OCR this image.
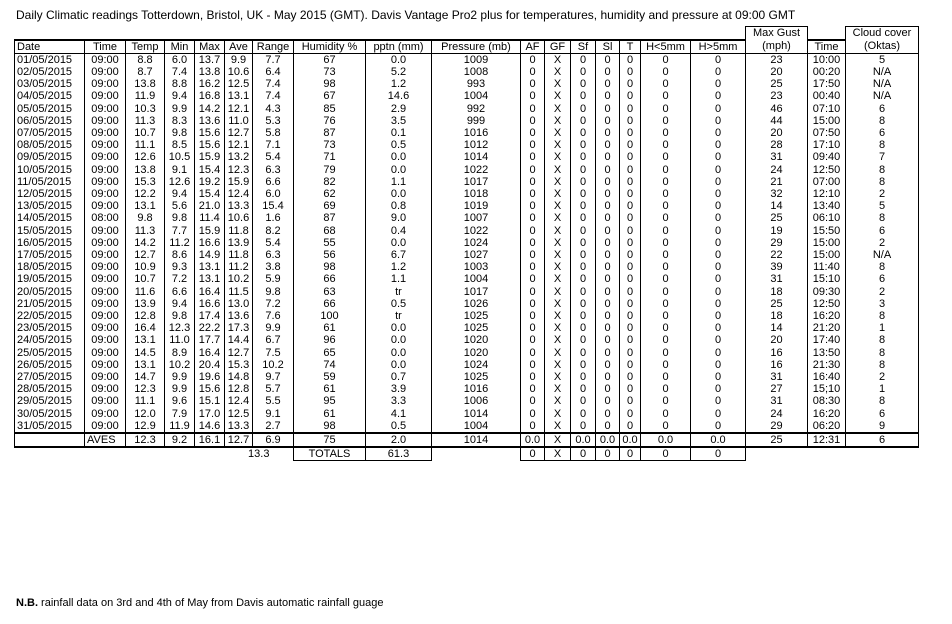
Daily Climatic readings Totterdown, Bristol, UK - May 2015 (GMT). Davis Vantage Pro2 plus for temperatures, humidity and pressure at 09:00 GMT
																	Max Gust		Cloud cover
Date	Time	Temp	Min	Max	Ave	Range	Humidity %	pptn (mm)	Pressure (mb)	AF	GF	Sf	Sl	T	H<5mm	H>5mm	(mph)	Time	(Oktas)
01/05/2015	09:00	8.8	6.0	13.7	9.9	7.7	67	0.0	1009	0	X	0	0	0	0	0	23	10:00	5
02/05/2015	09:00	8.7	7.4	13.8	10.6	6.4	73	5.2	1008	0	X	0	0	0	0	0	20	00:20	N/A
03/05/2015	09:00	13.8	8.8	16.2	12.5	7.4	98	1.2	993	0	X	0	0	0	0	0	25	17:50	N/A
04/05/2015	09:00	11.9	9.4	16.8	13.1	7.4	67	14.6	1004	0	X	0	0	0	0	0	23	00:40	N/A
05/05/2015	09:00	10.3	9.9	14.2	12.1	4.3	85	2.9	992	0	X	0	0	0	0	0	46	07:10	6
06/05/2015	09:00	11.3	8.3	13.6	11.0	5.3	76	3.5	999	0	X	0	0	0	0	0	44	15:00	8
07/05/2015	09:00	10.7	9.8	15.6	12.7	5.8	87	0.1	1016	0	X	0	0	0	0	0	20	07:50	6
08/05/2015	09:00	11.1	8.5	15.6	12.1	7.1	73	0.5	1012	0	X	0	0	0	0	0	28	17:10	8
09/05/2015	09:00	12.6	10.5	15.9	13.2	5.4	71	0.0	1014	0	X	0	0	0	0	0	31	09:40	7
10/05/2015	09:00	13.8	9.1	15.4	12.3	6.3	79	0.0	1022	0	X	0	0	0	0	0	24	12:50	8
11/05/2015	09:00	15.3	12.6	19.2	15.9	6.6	82	1.1	1017	0	X	0	0	0	0	0	21	07:00	8
12/05/2015	09:00	12.2	9.4	15.4	12.4	6.0	62	0.0	1018	0	X	0	0	0	0	0	32	12:10	2
13/05/2015	09:00	13.1	5.6	21.0	13.3	15.4	69	0.8	1019	0	X	0	0	0	0	0	14	13:40	5
14/05/2015	08:00	9.8	9.8	11.4	10.6	1.6	87	9.0	1007	0	X	0	0	0	0	0	25	06:10	8
15/05/2015	09:00	11.3	7.7	15.9	11.8	8.2	68	0.4	1022	0	X	0	0	0	0	0	19	15:50	6
16/05/2015	09:00	14.2	11.2	16.6	13.9	5.4	55	0.0	1024	0	X	0	0	0	0	0	29	15:00	2
17/05/2015	09:00	12.7	8.6	14.9	11.8	6.3	56	6.7	1027	0	X	0	0	0	0	0	22	15:00	N/A
18/05/2015	09:00	10.9	9.3	13.1	11.2	3.8	98	1.2	1003	0	X	0	0	0	0	0	39	11:40	8
19/05/2015	09:00	10.7	7.2	13.1	10.2	5.9	66	1.1	1004	0	X	0	0	0	0	0	31	15:10	6
20/05/2015	09:00	11.6	6.6	16.4	11.5	9.8	63	tr	1017	0	X	0	0	0	0	0	18	09:30	2
21/05/2015	09:00	13.9	9.4	16.6	13.0	7.2	66	0.5	1026	0	X	0	0	0	0	0	25	12:50	3
22/05/2015	09:00	12.8	9.8	17.4	13.6	7.6	100	tr	1025	0	X	0	0	0	0	0	18	16:20	8
23/05/2015	09:00	16.4	12.3	22.2	17.3	9.9	61	0.0	1025	0	X	0	0	0	0	0	14	21:20	1
24/05/2015	09:00	13.1	11.0	17.7	14.4	6.7	96	0.0	1020	0	X	0	0	0	0	0	20	17:40	8
25/05/2015	09:00	14.5	8.9	16.4	12.7	7.5	65	0.0	1020	0	X	0	0	0	0	0	16	13:50	8
26/05/2015	09:00	13.1	10.2	20.4	15.3	10.2	74	0.0	1024	0	X	0	0	0	0	0	16	21:30	8
27/05/2015	09:00	14.7	9.9	19.6	14.8	9.7	59	0.7	1025	0	X	0	0	0	0	0	31	16:40	2
28/05/2015	09:00	12.3	9.9	15.6	12.8	5.7	61	3.9	1016	0	X	0	0	0	0	0	27	15;10	1
29/05/2015	09:00	11.1	9.6	15.1	12.4	5.5	95	3.3	1006	0	X	0	0	0	0	0	31	08:30	8
30/05/2015	09:00	12.0	7.9	17.0	12.5	9.1	61	4.1	1014	0	X	0	0	0	0	0	24	16:20	6
31/05/2015	09:00	12.9	11.9	14.6	13.3	2.7	98	0.5	1004	0	X	0	0	0	0	0	29	06:20	9
	AVES	12.3	9.2	16.1	12.7	6.9	75	2.0	1014	0.0	X	0.0	0.0	0.0	0.0	0.0	25	12:31	6
					13.3		TOTALS	61.3		0	X	0	0	0	0	0			
N.B. rainfall data on 3rd and 4th of May from Davis automatic rainfall guage
